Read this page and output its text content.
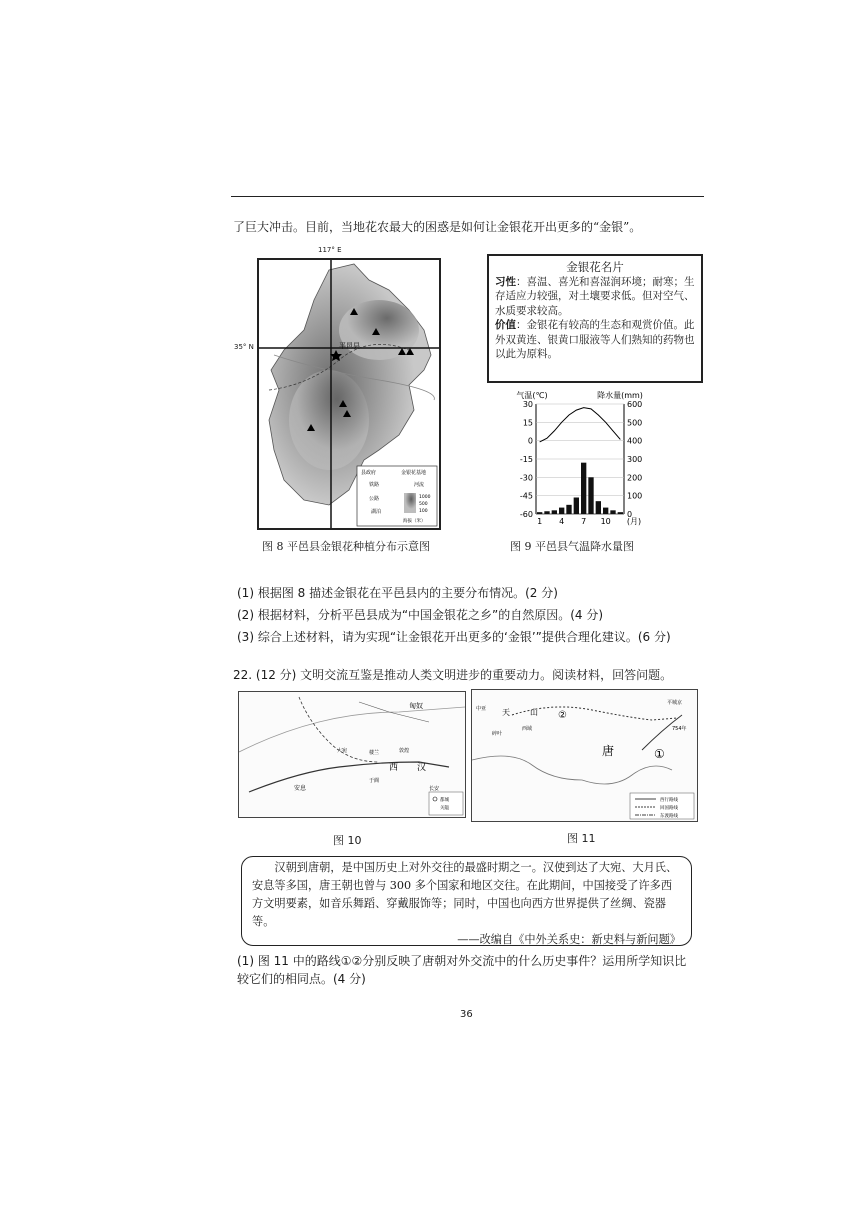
了巨大冲击。目前，当地花农最大的困惑是如何让金银花开出更多的“金银”。
117° E
35° N	平邑县
县政府	金银花基地
铁路	河流
公路
湖泊
1000
500
100
海拔（米）
图 8 平邑县金银花种植分布示意图
金银花名片
习性：喜温、喜光和喜湿润环境；耐寒；生存适应力较强，对土壤要求低。但对空气、水质要求较高。
价值：金银花有较高的生态和观赏价值。此外双黄连、银黄口服液等人们熟知的药物也以此为原料。
30
15
0
-15
-30
-45
-60
600
500
400
300
200
100
0
1 4 7 10 (月)
气温(℃)	降水量(mm)
图 9 平邑县气温降水量图
(1) 根据图 8 描述金银花在平邑县内的主要分布情况。(2 分)
(2) 根据材料，分析平邑县成为“中国金银花之乡”的自然原因。(4 分)
(3) 综合上述材料，请为实现“让金银花开出更多的‘金银’”提供合理化建议。(6 分)
22. (12 分) 文明交流互鉴是推动人类文明进步的重要动力。阅读材料，回答问题。
匈奴
西 汉
长安
安息
大宛	楼兰
于阗
敦煌
都城
关隘
图 10
天	山 ②
唐	①
平城京
754年
碎叶
西域
中亚
西行路线
回国路线
东渡路线
图 11
汉朝到唐朝，是中国历史上对外交往的最盛时期之一。汉使到达了大宛、大月氏、安息等多国，唐王朝也曾与 300 多个国家和地区交往。在此期间，中国接受了许多西方文明要素，如音乐舞蹈、穿戴服饰等；同时，中国也向西方世界提供了丝绸、瓷器等。
——改编自《中外关系史：新史料与新问题》
(1) 图 11 中的路线①②分别反映了唐朝对外交流中的什么历史事件？运用所学知识比较它们的相同点。(4 分)
36
